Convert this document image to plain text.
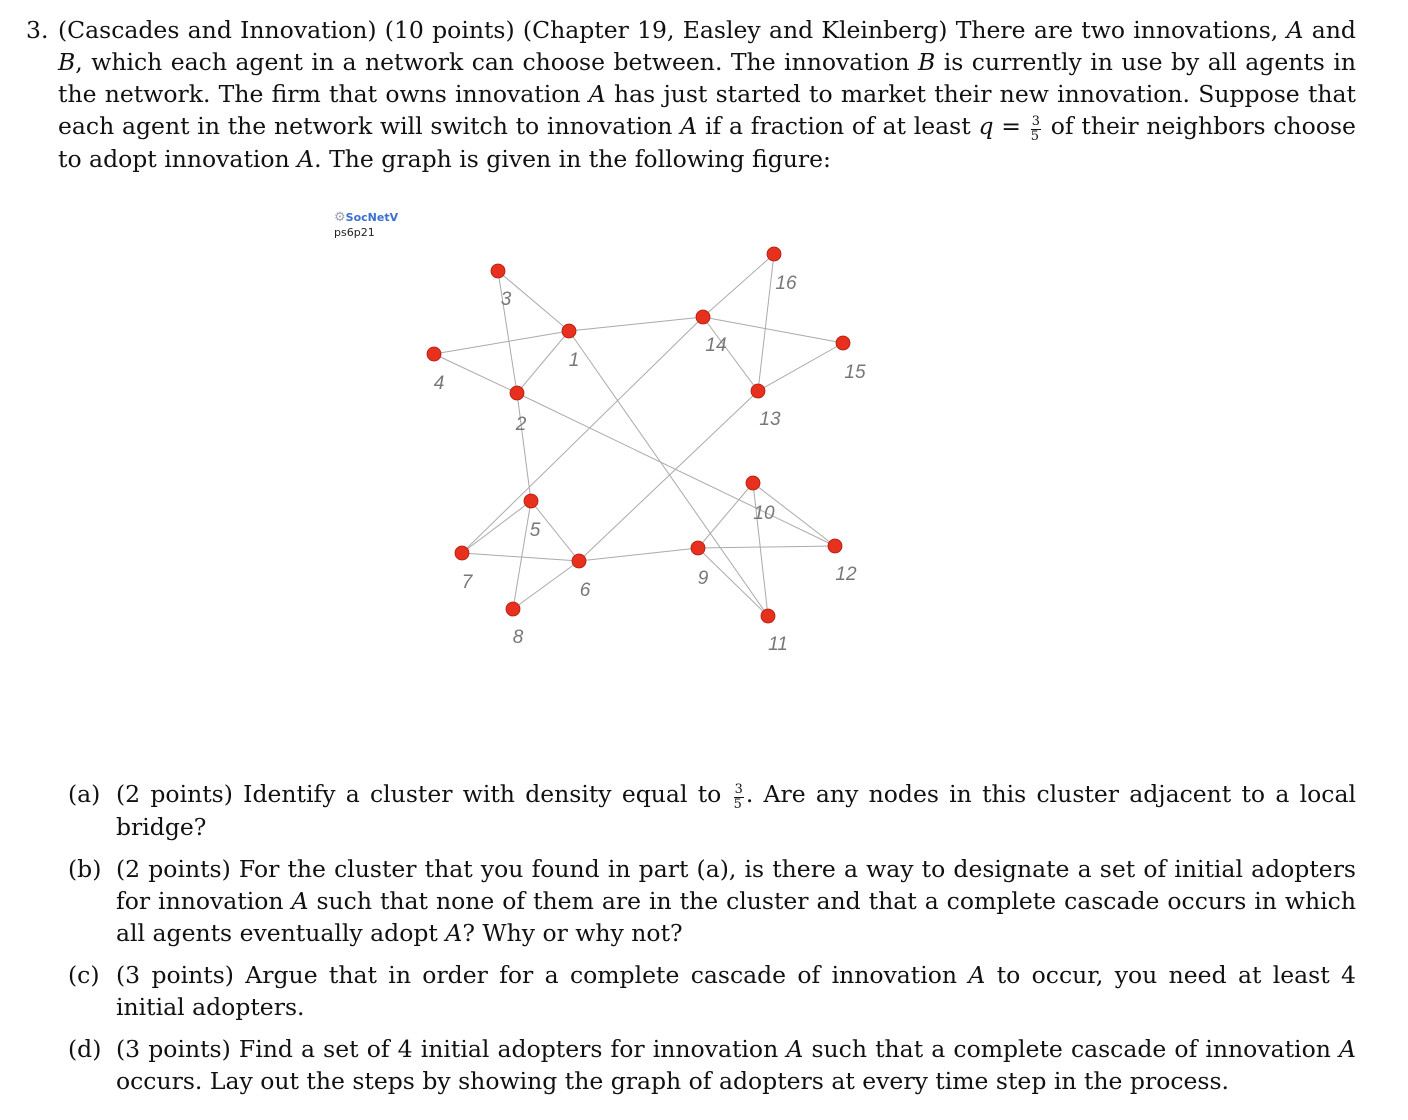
3. (Cascades and Innovation) (10 points) (Chapter 19, Easley and Kleinberg) There are two innovations, A and B, which each agent in a network can choose between. The innovation B is currently in use by all agents in the network. The firm that owns innovation A has just started to market their new innovation. Suppose that each agent in the network will switch to innovation A if a fraction of at least $q = \frac{3}{5}$ of their neighbors choose to adopt innovation A. The graph is given in the following figure:
⚙SocNetV
ps6p21
1
2
3
4
5
6
7
8
9
10
11
12
13
14
15
16
(a) (2 points) Identify a cluster with density equal to $\frac{3}{5}$ . Are any nodes in this cluster adjacent to a local bridge?
(b) (2 points) For the cluster that you found in part (a), is there a way to designate a set of initial adopters for innovation A such that none of them are in the cluster and that a complete cascade occurs in which all agents eventually adopt A? Why or why not?
(c) (3 points) Argue that in order for a complete cascade of innovation A to occur, you need at least 4 initial adopters.
(d) (3 points) Find a set of 4 initial adopters for innovation A such that a complete cascade of innovation A occurs. Lay out the steps by showing the graph of adopters at every time step in the process.
